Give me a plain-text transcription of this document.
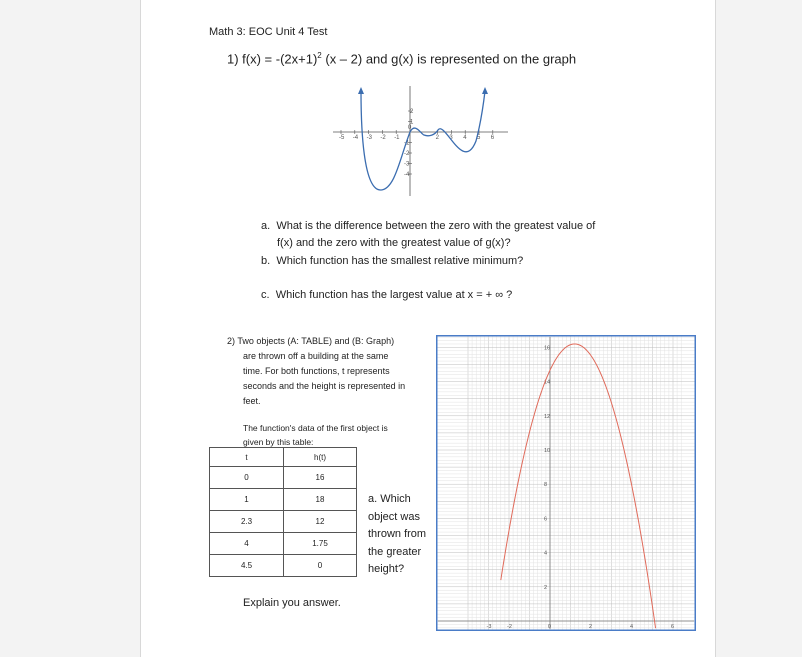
Math 3: EOC Unit 4 Test
1) $f(x) = -(2x+1)^2$ (x – 2) and g(x) is represented on the graph
-5 -4 -3 -2 -1
0
2 3 4 5 6
2
1
-1
-2
-3
-4
a. What is the difference between the zero with the greatest value of
f(x) and the zero with the greatest value of g(x)?
b. Which function has the smallest relative minimum?
c. Which function has the largest value at x = + ∞ ?

2) Two objects (A: TABLE) and (B: Graph)

are thrown off a building at the same

time. For both functions, t represents

seconds and the height is represented in

feet.

The function's data of the first object is
given by this table:
t	h(t)
0	16
1	18
2.3	12
4	1.75
4.5	0
a. Which object was thrown from the greater height?
Explain you answer.
-3	-2	0	2	4	6
16
14
12
10
8
6
4
2
